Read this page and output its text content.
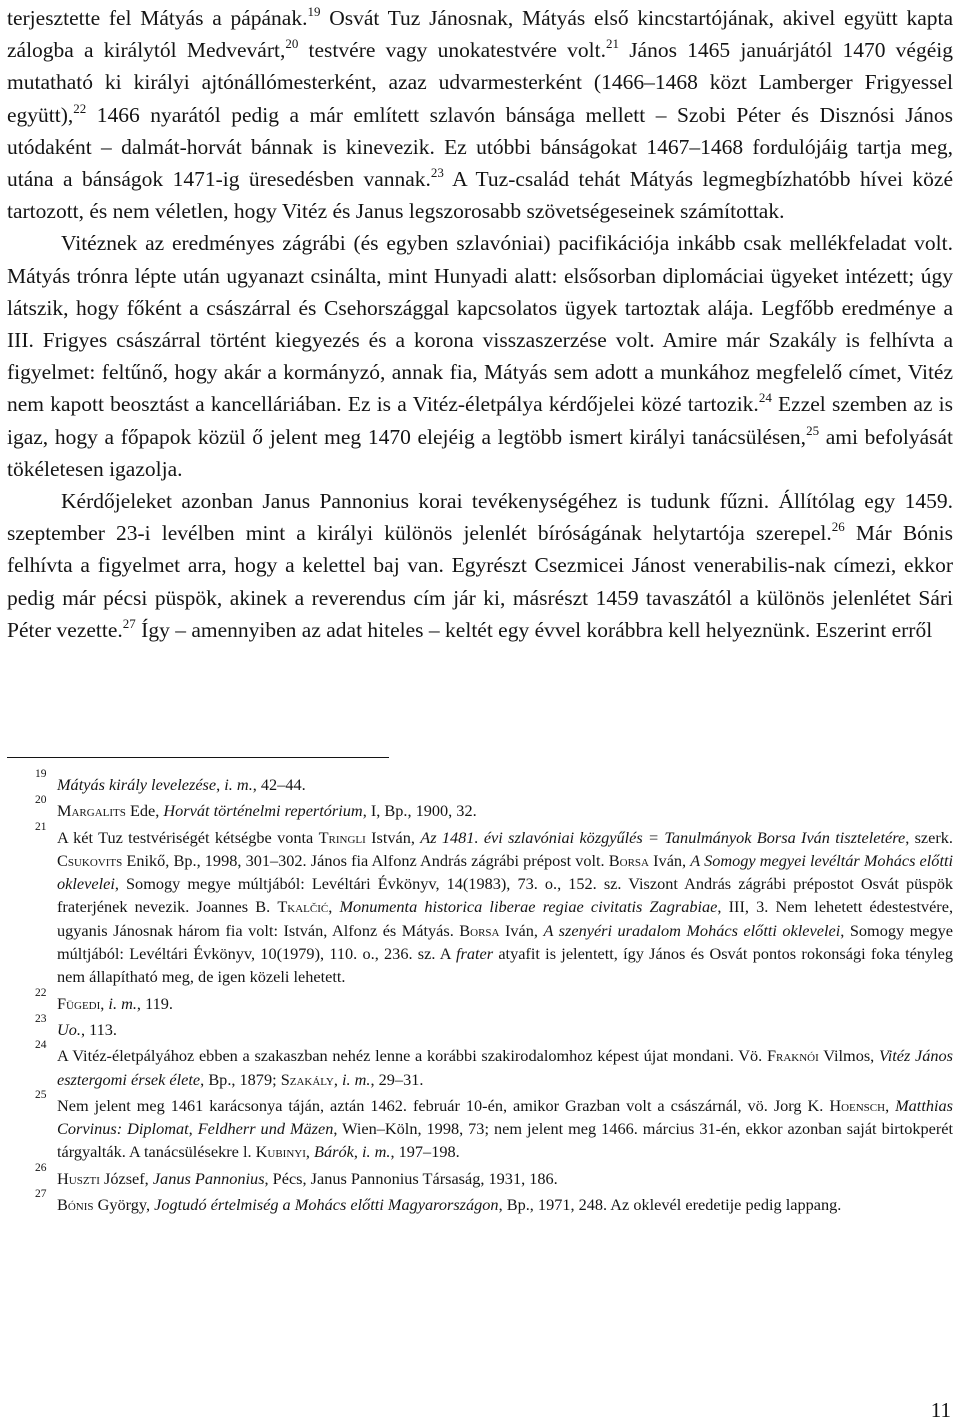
terjesztette fel Mátyás a pápának.$^{19}$ Osvát Tuz Jánosnak, Mátyás első kincstartójának, akivel együtt kapta zálogba a királytól Medvevárt,$^{20}$ testvére vagy unokatestvére volt.$^{21}$ János 1465 januárjától 1470 végéig mutatható ki királyi ajtónállómesterként, azaz udvarmesterként (1466–1468 közt Lamberger Frigyessel együtt),$^{22}$ 1466 nyarától pedig a már említett szlavón bánsága mellett – Szobi Péter és Disznósi János utódaként – dalmát-horvát bánnak is kinevezik. Ez utóbbi bánságokat 1467–1468 fordulójáig tartja meg, utána a bánságok 1471-ig üresedésben vannak.$^{23}$ A Tuz-család tehát Mátyás legmegbízhatóbb hívei közé tartozott, és nem véletlen, hogy Vitéz és Janus legszorosabb szövetségeseinek számítottak.

Vitéznek az eredményes zágrábi (és egyben szlavóniai) pacifikációja inkább csak mellékfeladat volt. Mátyás trónra lépte után ugyanazt csinálta, mint Hunyadi alatt: elsősorban diplomáciai ügyeket intézett; úgy látszik, hogy főként a császárral és Csehországgal kapcsolatos ügyek tartoztak alája. Legfőbb eredménye a III. Frigyes császárral történt kiegyezés és a korona visszaszerzése volt. Amire már Szakály is felhívta a figyelmet: feltűnő, hogy akár a kormányzó, annak fia, Mátyás sem adott a munkához megfelelő címet, Vitéz nem kapott beosztást a kancelláriában. Ez is a Vitéz-életpálya kérdőjelei közé tartozik.$^{24}$ Ezzel szemben az is igaz, hogy a főpapok közül ő jelent meg 1470 elejéig a legtöbb ismert királyi tanácsülésen,$^{25}$ ami befolyását tökéletesen igazolja.

Kérdőjeleket azonban Janus Pannonius korai tevékenységéhez is tudunk fűzni. Állítólag egy 1459. szeptember 23-i levélben mint a királyi különös jelenlét bíróságának helytartója szerepel.$^{26}$ Már Bónis felhívta a figyelmet arra, hogy a kelettel baj van. Egyrészt Csezmicei Jánost venerabilis-nak címezi, ekkor pedig már pécsi püspök, akinek a reverendus cím jár ki, másrészt 1459 tavaszától a különös jelenlétet Sári Péter vezette.$^{27}$ Így – amennyiben az adat hiteles – keltét egy évvel korábbra kell helyeznünk. Eszerint erről

19
Mátyás király levelezése, i. m., 42–44.
20
Margalits Ede, Horvát történelmi repertórium, I, Bp., 1900, 32.
21
A két Tuz testvériségét kétségbe vonta Tringli István, Az 1481. évi szlavóniai közgyűlés = Tanulmányok Borsa Iván tiszteletére, szerk. Csukovits Enikő, Bp., 1998, 301–302. János fia Alfonz András zágrábi prépost volt. Borsa Iván, A Somogy megyei levéltár Mohács előtti oklevelei, Somogy megye múltjából: Levéltári Évkönyv, 14(1983), 73. o., 152. sz. Viszont András zágrábi prépostot Osvát püspök fraterjének nevezik. Joannes B. Tkalčić, Monumenta historica liberae regiae civitatis Zagrabiae, III, 3. Nem lehetett édestestvére, ugyanis Jánosnak három fia volt: István, Alfonz és Mátyás. Borsa Iván, A szenyéri uradalom Mohács előtti oklevelei, Somogy megye múltjából: Levéltári Évkönyv, 10(1979), 110. o., 236. sz. A frater atyafit is jelentett, így János és Osvát pontos rokonsági foka tényleg nem állapítható meg, de igen közeli lehetett.
22
Fügedi, i. m., 119.
23
Uo., 113.
24
A Vitéz-életpályához ebben a szakaszban nehéz lenne a korábbi szakirodalomhoz képest újat mondani. Vö. Fraknói Vilmos, Vitéz János esztergomi érsek élete, Bp., 1879; Szakály, i. m., 29–31.
25
Nem jelent meg 1461 karácsonya táján, aztán 1462. február 10-én, amikor Grazban volt a császárnál, vö. Jorg K. Hoensch, Matthias Corvinus: Diplomat, Feldherr und Mäzen, Wien–Köln, 1998, 73; nem jelent meg 1466. március 31-én, ekkor azonban saját birtokperét tárgyalták. A tanácsülésekre l. Kubinyi, Bárók, i. m., 197–198.
26
Huszti József, Janus Pannonius, Pécs, Janus Pannonius Társaság, 1931, 186.
27
Bónis György, Jogtudó értelmiség a Mohács előtti Magyarországon, Bp., 1971, 248. Az oklevél eredetije pedig lappang.
11
